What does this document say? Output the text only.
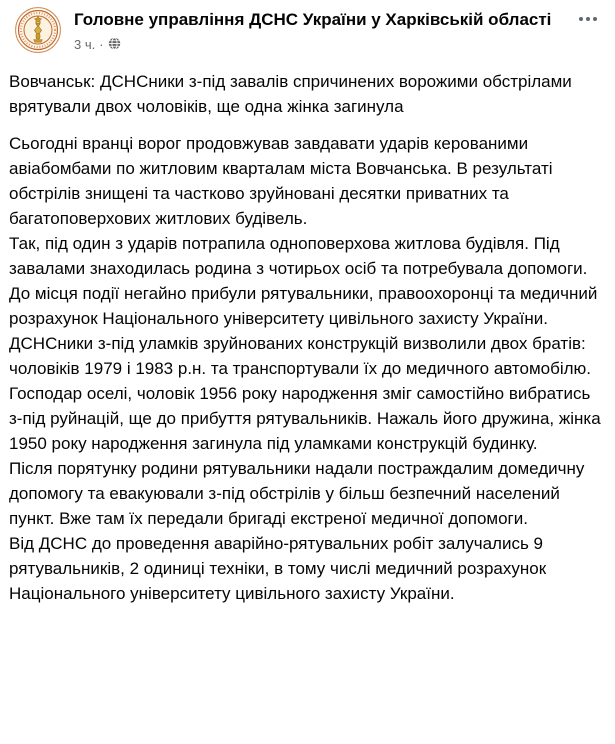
Головне управління ДСНС України у Харківській області
3 ч. ·

Вовчанськ: ДСНСники з-під завалів спричинених ворожими обстрілами врятували двох чоловіків, ще одна жінка загинула

Сьогодні вранці ворог продовжував завдавати ударів керованими авіабомбами по житловим кварталам міста Вовчанська. В результаті обстрілів знищені та частково зруйновані десятки приватних та багатоповерхових житлових будівель.

Так, під один з ударів потрапила одноповерхова житлова будівля. Під завалами знаходилась родина з чотирьох осіб та потребувала допомоги.

До місця події негайно прибули рятувальники, правоохоронці та медичний розрахунок Національного університету цивільного захисту України. ДСНСники з-під уламків зруйнованих конструкцій визволили двох братів: чоловіків 1979 і 1983 р.н. та транспортували їх до медичного автомобілю. Господар оселі, чоловік 1956 року народження зміг самостійно вибратись з-під руйнацій, ще до прибуття рятувальників. Нажаль його дружина, жінка 1950 року народження загинула під уламками конструкцій будинку.

Після порятунку родини рятувальники надали постраждалим домедичну допомогу та евакуювали з-під обстрілів у більш безпечний населений пункт. Вже там їх передали бригаді екстреної медичної допомоги.

Від ДСНС до проведення аварійно-рятувальних робіт залучались 9 рятувальників, 2 одиниці техніки, в тому числі медичний розрахунок Національного університету цивільного захисту України.
